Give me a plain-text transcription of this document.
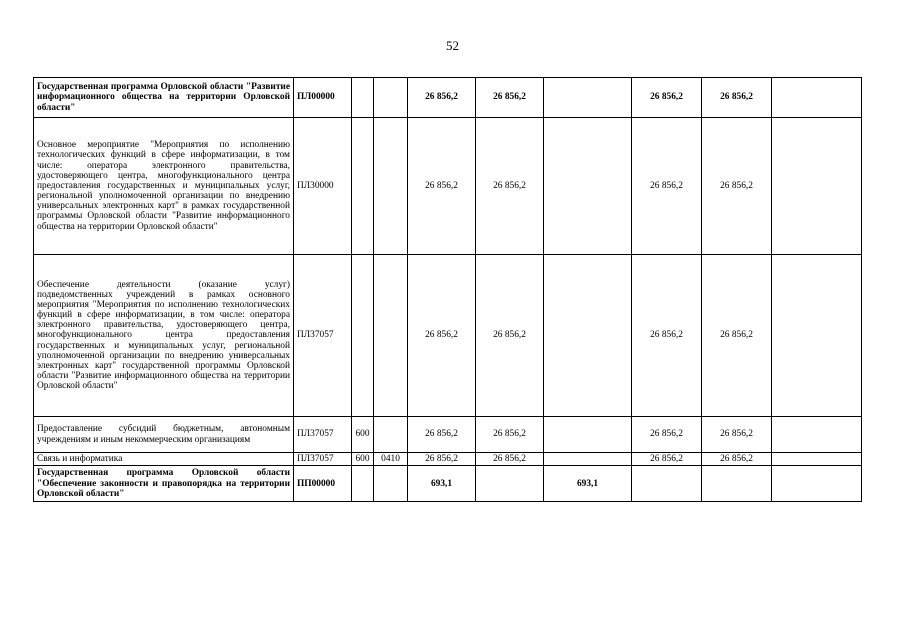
52
Государственная программа Орловской области "Развитие информационного общества на территории Орловской области"	ПЛ00000			26 856,2	26 856,2		26 856,2	26 856,2	
Основное мероприятие "Мероприятия по исполнению технологических функций в сфере информатизации, в том числе: оператора электронного правительства, удостоверяющего центра, многофункционального центра предоставления государственных и муниципальных услуг, региональной уполномоченной организации по внедрению универсальных электронных карт" в рамках государственной программы Орловской области "Развитие информационного общества на территории Орловской области"	ПЛ30000			26 856,2	26 856,2		26 856,2	26 856,2	
Обеспечение деятельности (оказание услуг) подведомственных учреждений в рамках основного мероприятия "Мероприятия по исполнению технологических функций в сфере информатизации, в том числе: оператора электронного правительства, удостоверяющего центра, многофункционального центра предоставления государственных и муниципальных услуг, региональной уполномоченной организации по внедрению универсальных электронных карт" государственной программы Орловской области "Развитие информационного общества на территории Орловской области"	ПЛ37057			26 856,2	26 856,2		26 856,2	26 856,2	
Предоставление субсидий бюджетным, автономным учреждениям и иным некоммерческим организациям	ПЛ37057	600		26 856,2	26 856,2		26 856,2	26 856,2	
Связь и информатика	ПЛ37057	600	0410	26 856,2	26 856,2		26 856,2	26 856,2	
Государственная программа Орловской области "Обеспечение законности и правопорядка на территории Орловской области"	ПП00000			693,1		693,1			
